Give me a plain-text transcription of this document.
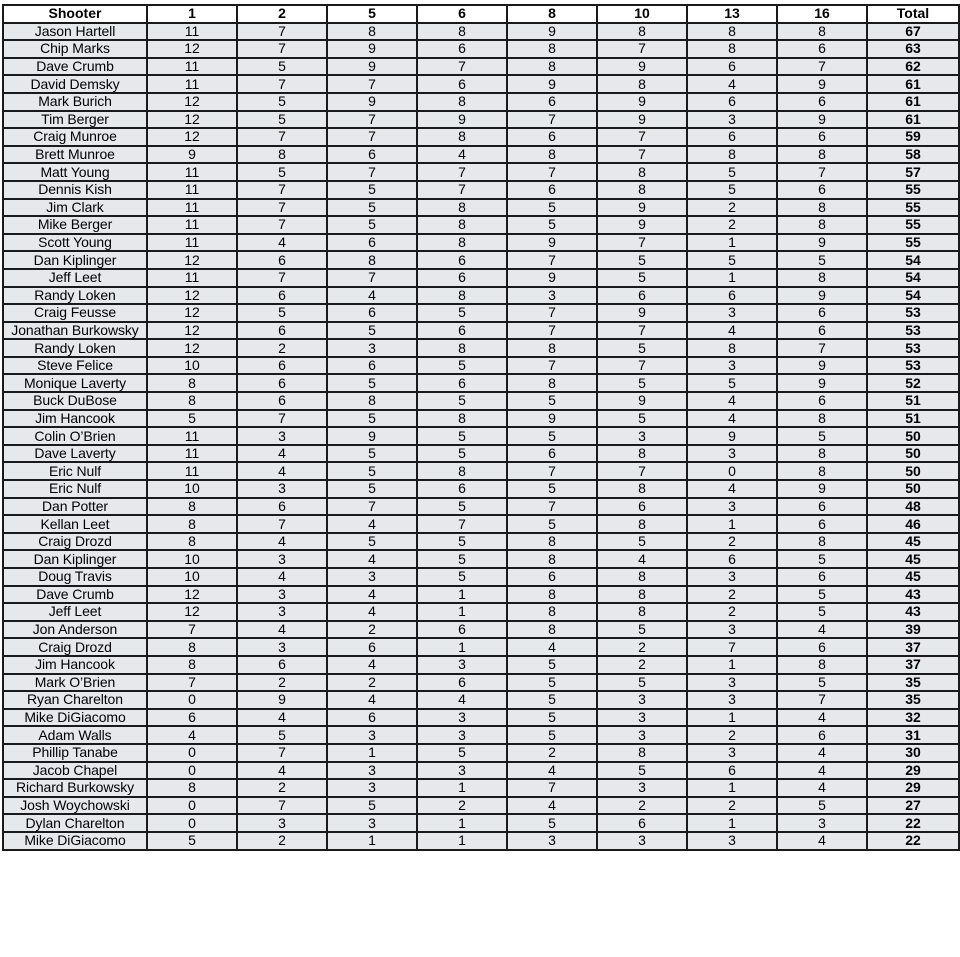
Shooter	1	2	5	6	8	10	13	16	Total
Jason Hartell	11	7	8	8	9	8	8	8	67
Chip Marks	12	7	9	6	8	7	8	6	63
Dave Crumb	11	5	9	7	8	9	6	7	62
David Demsky	11	7	7	6	9	8	4	9	61
Mark Burich	12	5	9	8	6	9	6	6	61
Tim Berger	12	5	7	9	7	9	3	9	61
Craig Munroe	12	7	7	8	6	7	6	6	59
Brett Munroe	9	8	6	4	8	7	8	8	58
Matt Young	11	5	7	7	7	8	5	7	57
Dennis Kish	11	7	5	7	6	8	5	6	55
Jim Clark	11	7	5	8	5	9	2	8	55
Mike Berger	11	7	5	8	5	9	2	8	55
Scott Young	11	4	6	8	9	7	1	9	55
Dan Kiplinger	12	6	8	6	7	5	5	5	54
Jeff Leet	11	7	7	6	9	5	1	8	54
Randy Loken	12	6	4	8	3	6	6	9	54
Craig Feusse	12	5	6	5	7	9	3	6	53
Jonathan Burkowsky	12	6	5	6	7	7	4	6	53
Randy Loken	12	2	3	8	8	5	8	7	53
Steve Felice	10	6	6	5	7	7	3	9	53
Monique Laverty	8	6	5	6	8	5	5	9	52
Buck DuBose	8	6	8	5	5	9	4	6	51
Jim Hancook	5	7	5	8	9	5	4	8	51
Colin O’Brien	11	3	9	5	5	3	9	5	50
Dave Laverty	11	4	5	5	6	8	3	8	50
Eric Nulf	11	4	5	8	7	7	0	8	50
Eric Nulf	10	3	5	6	5	8	4	9	50
Dan Potter	8	6	7	5	7	6	3	6	48
Kellan Leet	8	7	4	7	5	8	1	6	46
Craig Drozd	8	4	5	5	8	5	2	8	45
Dan Kiplinger	10	3	4	5	8	4	6	5	45
Doug Travis	10	4	3	5	6	8	3	6	45
Dave Crumb	12	3	4	1	8	8	2	5	43
Jeff Leet	12	3	4	1	8	8	2	5	43
Jon Anderson	7	4	2	6	8	5	3	4	39
Craig Drozd	8	3	6	1	4	2	7	6	37
Jim Hancook	8	6	4	3	5	2	1	8	37
Mark O’Brien	7	2	2	6	5	5	3	5	35
Ryan Charelton	0	9	4	4	5	3	3	7	35
Mike DiGiacomo	6	4	6	3	5	3	1	4	32
Adam Walls	4	5	3	3	5	3	2	6	31
Phillip Tanabe	0	7	1	5	2	8	3	4	30
Jacob Chapel	0	4	3	3	4	5	6	4	29
Richard Burkowsky	8	2	3	1	7	3	1	4	29
Josh Woychowski	0	7	5	2	4	2	2	5	27
Dylan Charelton	0	3	3	1	5	6	1	3	22
Mike DiGiacomo	5	2	1	1	3	3	3	4	22
